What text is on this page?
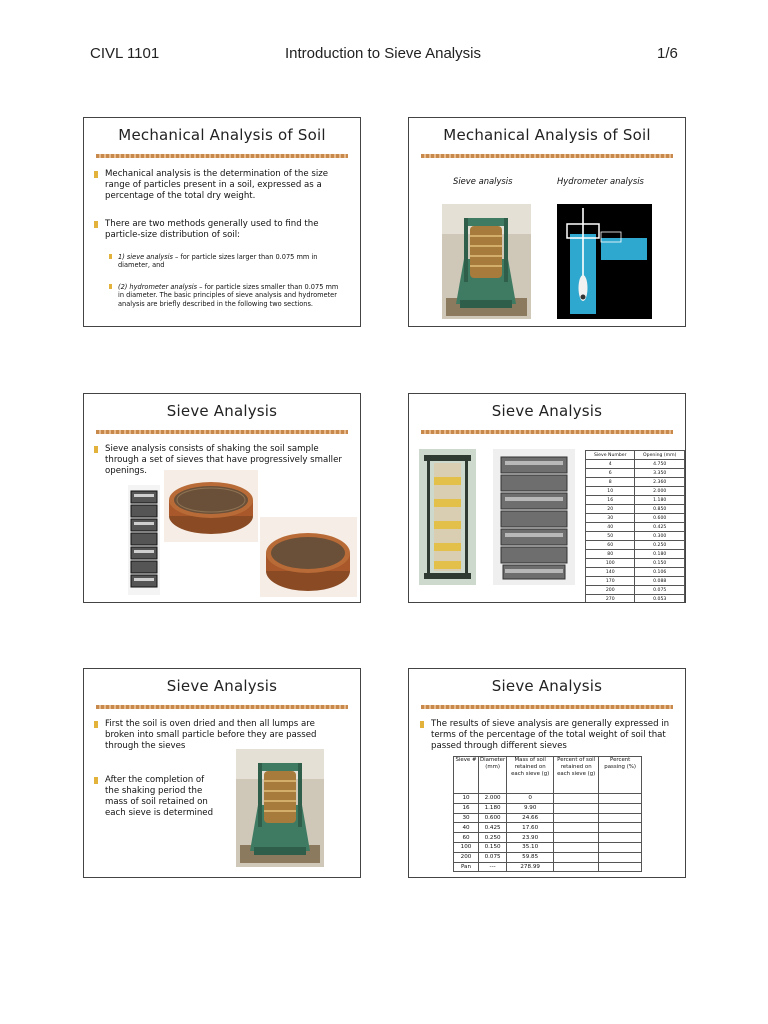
CIVL 1101	Introduction to Sieve Analysis	1/6
Mechanical Analysis of Soil
Mechanical analysis is the determination of the size range of particles present in a soil, expressed as a percentage of the total dry weight.
There are two methods generally used to find the particle-size distribution of soil:
1) sieve analysis – for particle sizes larger than 0.075 mm in diameter, and
(2) hydrometer analysis – for particle sizes smaller than 0.075 mm in diameter. The basic principles of sieve analysis and hydrometer analysis are briefly described in the following two sections.
Mechanical Analysis of Soil
Sieve analysis	Hydrometer analysis
Sieve Analysis
Sieve analysis consists of shaking the soil sample through a set of sieves that have progressively smaller openings.
Sieve Analysis
Sieve Number	Opening (mm)
4	4.750
6	3.350
8	2.360
10	2.000
16	1.180
20	0.850
30	0.600
40	0.425
50	0.300
60	0.250
80	0.180
100	0.150
140	0.106
170	0.088
200	0.075
270	0.053
Sieve Analysis
First the soil is oven dried and then all lumps are broken into small particle before they are passed through the sieves
After the completion of the shaking period the mass of soil retained on each sieve is determined
Sieve Analysis
The results of sieve analysis are generally expressed in terms of the percentage of the total weight of soil that passed through different sieves
Sieve #	Diameter (mm)	Mass of soil retained on each sieve (g)	Percent of soil retained on each sieve (g)	Percent passing (%)
10	2.000	0		
16	1.180	9.90		
30	0.600	24.66		
40	0.425	17.60		
60	0.250	23.90		
100	0.150	35.10		
200	0.075	59.85		
Pan	---	278.99		
